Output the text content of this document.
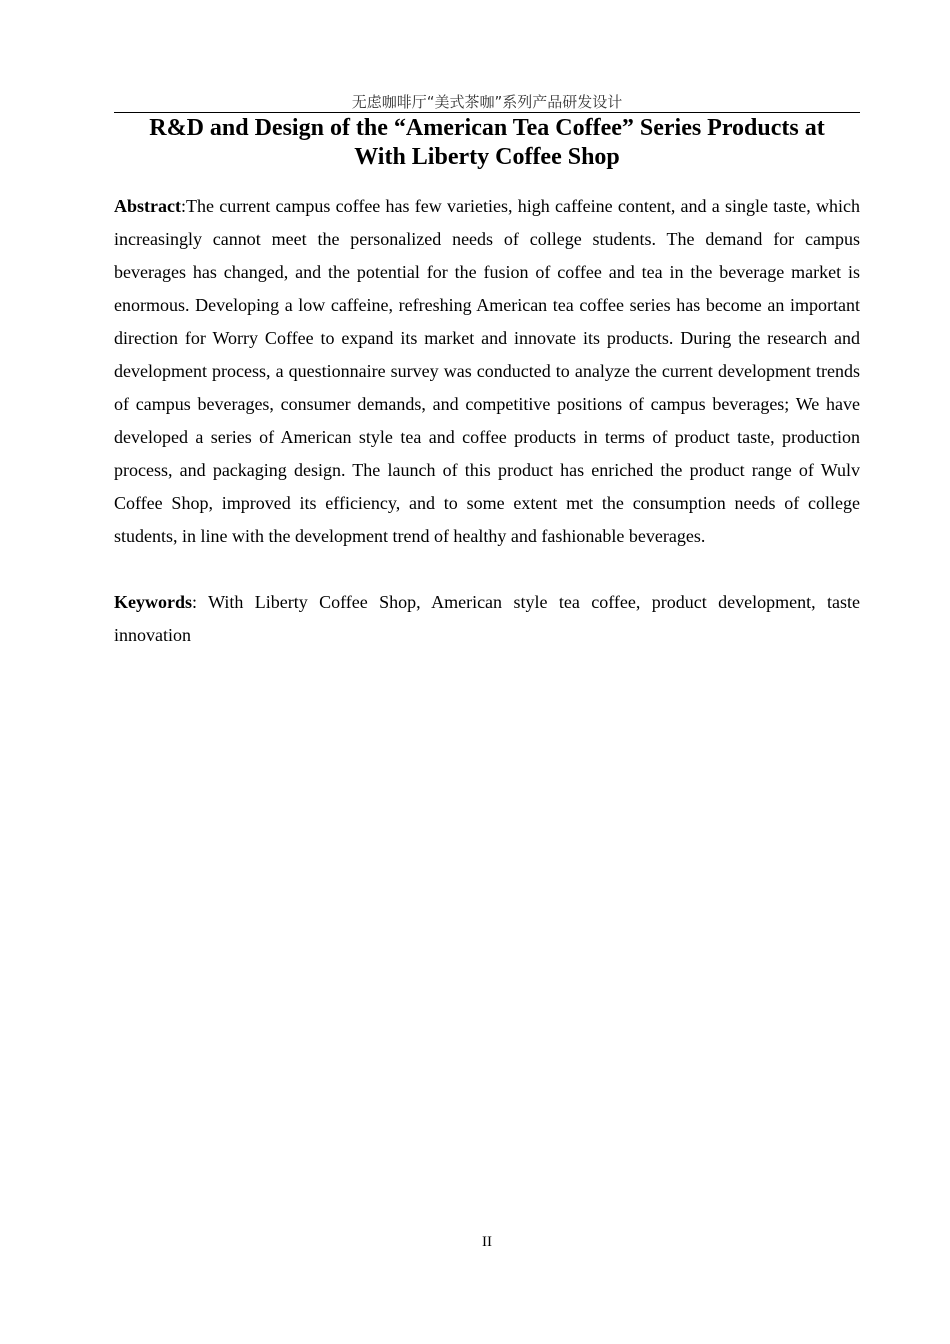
无虑咖啡厅“美式茶咖”系列产品研发设计
R&D and Design of the “American Tea Coffee” Series Products at
With Liberty Coffee Shop

Abstract:The current campus coffee has few varieties, high caffeine content, and a single taste, which increasingly cannot meet the personalized needs of college students. The demand for campus beverages has changed, and the potential for the fusion of coffee and tea in the beverage market is enormous. Developing a low caffeine, refreshing American tea coffee series has become an important direction for Worry Coffee to expand its market and innovate its products. During the research and development process, a questionnaire survey was conducted to analyze the current development trends of campus beverages, consumer demands, and competitive positions of campus beverages; We have developed a series of American style tea and coffee products in terms of product taste, production process, and packaging design. The launch of this product has enriched the product range of Wulv Coffee Shop, improved its efficiency, and to some extent met the consumption needs of college students, in line with the development trend of healthy and fashionable beverages.

Keywords: With Liberty Coffee Shop, American style tea coffee, product development, taste innovation

II
